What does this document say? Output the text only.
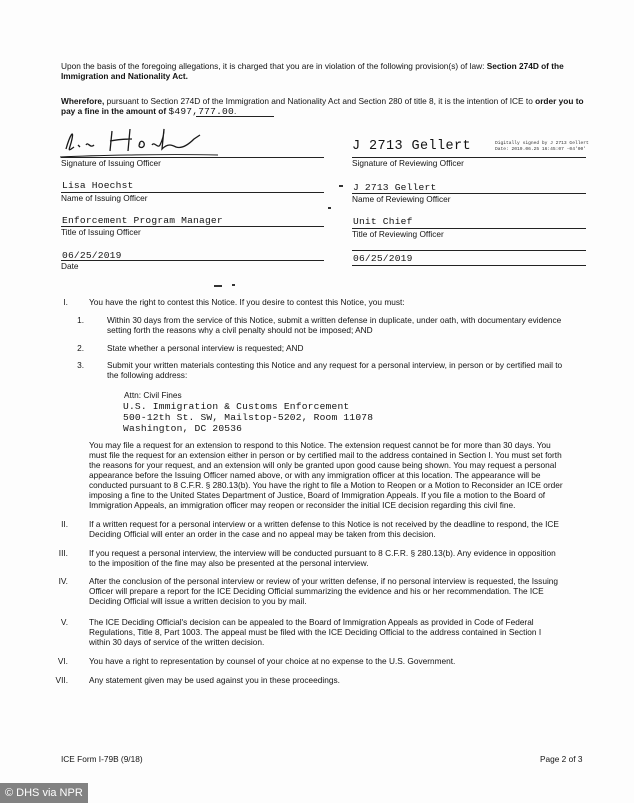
Upon the basis of the foregoing allegations, it is charged that you are in violation of the following provision(s) of law: Section 274D of the Immigration and Nationality Act.
Wherefore, pursuant to Section 274D of the Immigration and Nationality Act and Section 280 of title 8, it is the intention of ICE to order you to pay a fine in the amount of $497,777.00.
Signature of Issuing Officer
Lisa Hoechst
Name of Issuing Officer
Enforcement Program Manager
Title of Issuing Officer
06/25/2019
Date
J 2713 Gellert	Digitally signed by J 2713 Gellert
Date: 2019.06.25 16:45:07 -04'00'
Signature of Reviewing Officer
J 2713 Gellert
Name of Reviewing Officer
Unit Chief
Title of Reviewing Officer
06/25/2019
I.	You have the right to contest this Notice. If you desire to contest this Notice, you must:
1.	Within 30 days from the service of this Notice, submit a written defense in duplicate, under oath, with documentary evidence
setting forth the reasons why a civil penalty should not be imposed; AND
2.	State whether a personal interview is requested; AND
3.	Submit your written materials contesting this Notice and any request for a personal interview, in person or by certified mail to
the following address:
Attn: Civil Fines
U.S. Immigration & Customs Enforcement
500-12th St. SW, Mailstop-5202, Room 11078
Washington, DC 20536
You may file a request for an extension to respond to this Notice. The extension request cannot be for more than 30 days. You
must file the request for an extension either in person or by certified mail to the address contained in Section I. You must set forth
the reasons for your request, and an extension will only be granted upon good cause being shown. You may request a personal
appearance before the Issuing Officer named above, or with any immigration officer at this location. The appearance will be
conducted pursuant to 8 C.F.R. § 280.13(b). You have the right to file a Motion to Reopen or a Motion to Reconsider an ICE order
imposing a fine to the United States Department of Justice, Board of Immigration Appeals. If you file a motion to the Board of
Immigration Appeals, an immigration officer may reopen or reconsider the initial ICE decision regarding this civil fine.
II.	If a written request for a personal interview or a written defense to this Notice is not received by the deadline to respond, the ICE
Deciding Official will enter an order in the case and no appeal may be taken from this decision.
III.	If you request a personal interview, the interview will be conducted pursuant to 8 C.F.R. § 280.13(b). Any evidence in opposition
to the imposition of the fine may also be presented at the personal interview.
IV.	After the conclusion of the personal interview or review of your written defense, if no personal interview is requested, the Issuing
Officer will prepare a report for the ICE Deciding Official summarizing the evidence and his or her recommendation. The ICE
Deciding Official will issue a written decision to you by mail.
V.	The ICE Deciding Official's decision can be appealed to the Board of Immigration Appeals as provided in Code of Federal
Regulations, Title 8, Part 1003. The appeal must be filed with the ICE Deciding Official to the address contained in Section I
within 30 days of service of the written decision.
VI.	You have a right to representation by counsel of your choice at no expense to the U.S. Government.
VII.	Any statement given may be used against you in these proceedings.
ICE Form I-79B (9/18)	Page 2 of 3
© DHS via NPR
